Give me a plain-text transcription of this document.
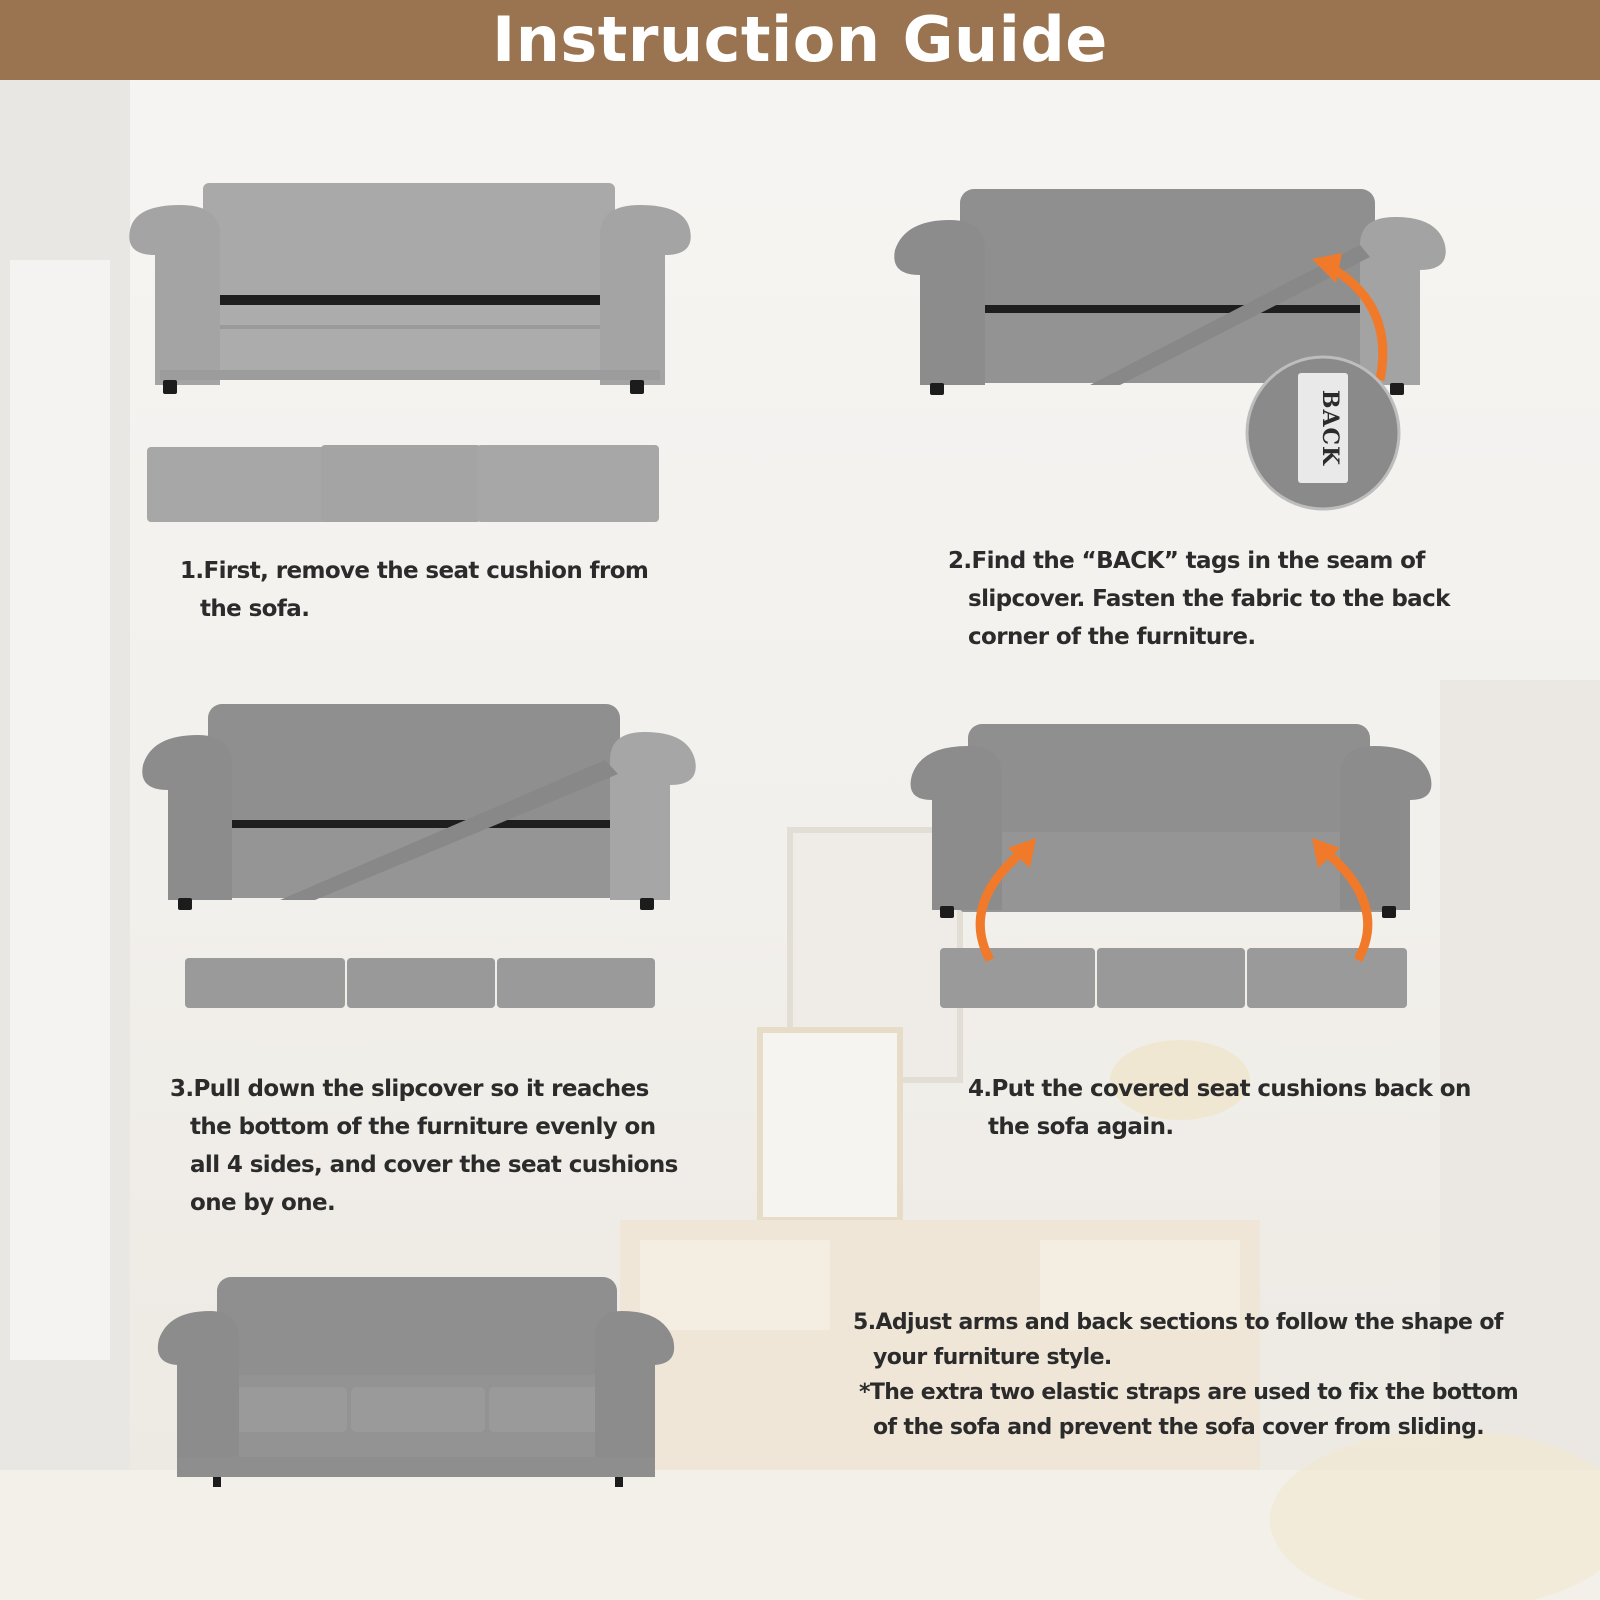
Instruction Guide
BACK
1.First, remove the seat cushion from
the sofa.
2.Find the “BACK” tags in the seam of
slipcover. Fasten the fabric to the back
corner of the furniture.
3.Pull down the slipcover so it reaches
the bottom of the furniture evenly on
all 4 sides, and cover the seat cushions
one by one.
4.Put the covered seat cushions back on
the sofa again.
5.Adjust arms and back sections to follow the shape of
your furniture style.
*The extra two elastic straps are used to fix the bottom
of the sofa and prevent the sofa cover from sliding.
